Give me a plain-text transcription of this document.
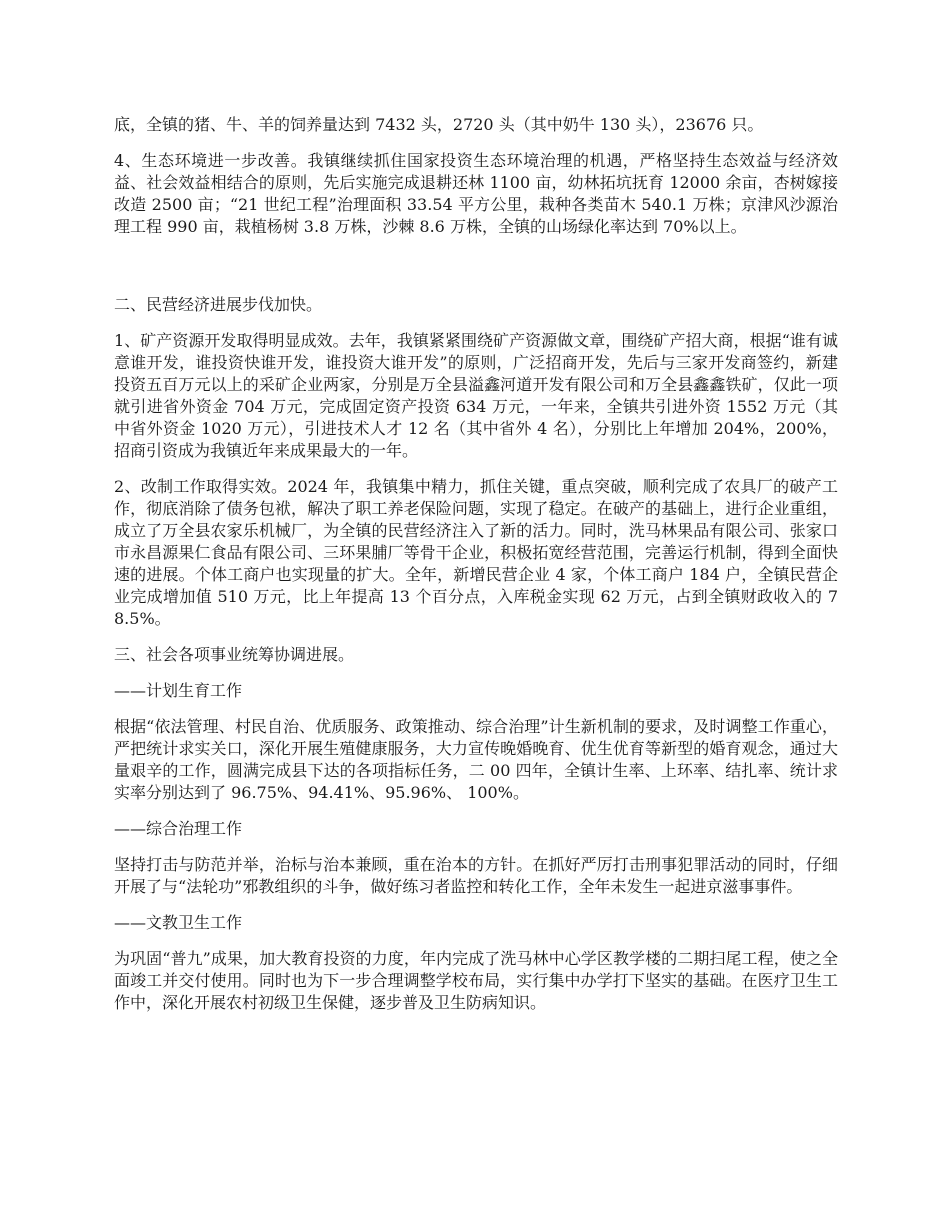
底，全镇的猪、牛、羊的饲养量达到 7432 头，2720 头（其中奶牛 130 头），23676 只。

4、生态环境进一步改善。我镇继续抓住国家投资生态环境治理的机遇，严格坚持生态效益与经济效益、社会效益相结合的原则，先后实施完成退耕还林 1100 亩，幼林拓坑抚育 12000 余亩，杏树嫁接改造 2500 亩；“21 世纪工程”治理面积 33.54 平方公里，栽种各类苗木 540.1 万株；京津风沙源治理工程 990 亩，栽植杨树 3.8 万株，沙棘 8.6 万株，全镇的山场绿化率达到 70%以上。

二、民营经济进展步伐加快。

1、矿产资源开发取得明显成效。去年，我镇紧紧围绕矿产资源做文章，围绕矿产招大商，根据“谁有诚意谁开发，谁投资快谁开发，谁投资大谁开发”的原则，广泛招商开发，先后与三家开发商签约，新建投资五百万元以上的采矿企业两家，分别是万全县溢鑫河道开发有限公司和万全县鑫鑫铁矿，仅此一项就引进省外资金 704 万元，完成固定资产投资 634 万元，一年来，全镇共引进外资 1552 万元（其中省外资金 1020 万元），引进技术人才 12 名（其中省外 4 名），分别比上年增加 204%，200%，招商引资成为我镇近年来成果最大的一年。

2、改制工作取得实效。2024 年，我镇集中精力，抓住关键，重点突破，顺利完成了农具厂的破产工作，彻底消除了债务包袱，解决了职工养老保险问题，实现了稳定。在破产的基础上，进行企业重组，成立了万全县农家乐机械厂，为全镇的民营经济注入了新的活力。同时，洗马林果品有限公司、张家口市永昌源果仁食品有限公司、三环果脯厂等骨干企业，积极拓宽经营范围，完善运行机制，得到全面快速的进展。个体工商户也实现量的扩大。全年，新增民营企业 4 家，个体工商户 184 户，全镇民营企业完成增加值 510 万元，比上年提高 13 个百分点，入库税金实现 62 万元，占到全镇财政收入的 78.5%。

三、社会各项事业统筹协调进展。

——计划生育工作

根据“依法管理、村民自治、优质服务、政策推动、综合治理”计生新机制的要求，及时调整工作重心，严把统计求实关口，深化开展生殖健康服务，大力宣传晚婚晚育、优生优育等新型的婚育观念，通过大量艰辛的工作，圆满完成县下达的各项指标任务，二 00 四年，全镇计生率、上环率、结扎率、统计求实率分别达到了 96.75%、94.41%、95.96%、 100%。

——综合治理工作

坚持打击与防范并举，治标与治本兼顾，重在治本的方针。在抓好严厉打击刑事犯罪活动的同时，仔细开展了与“法轮功”邪教组织的斗争，做好练习者监控和转化工作，全年未发生一起进京滋事事件。

——文教卫生工作

为巩固“普九”成果，加大教育投资的力度，年内完成了洗马林中心学区教学楼的二期扫尾工程，使之全面竣工并交付使用。同时也为下一步合理调整学校布局，实行集中办学打下坚实的基础。在医疗卫生工作中，深化开展农村初级卫生保健，逐步普及卫生防病知识。
